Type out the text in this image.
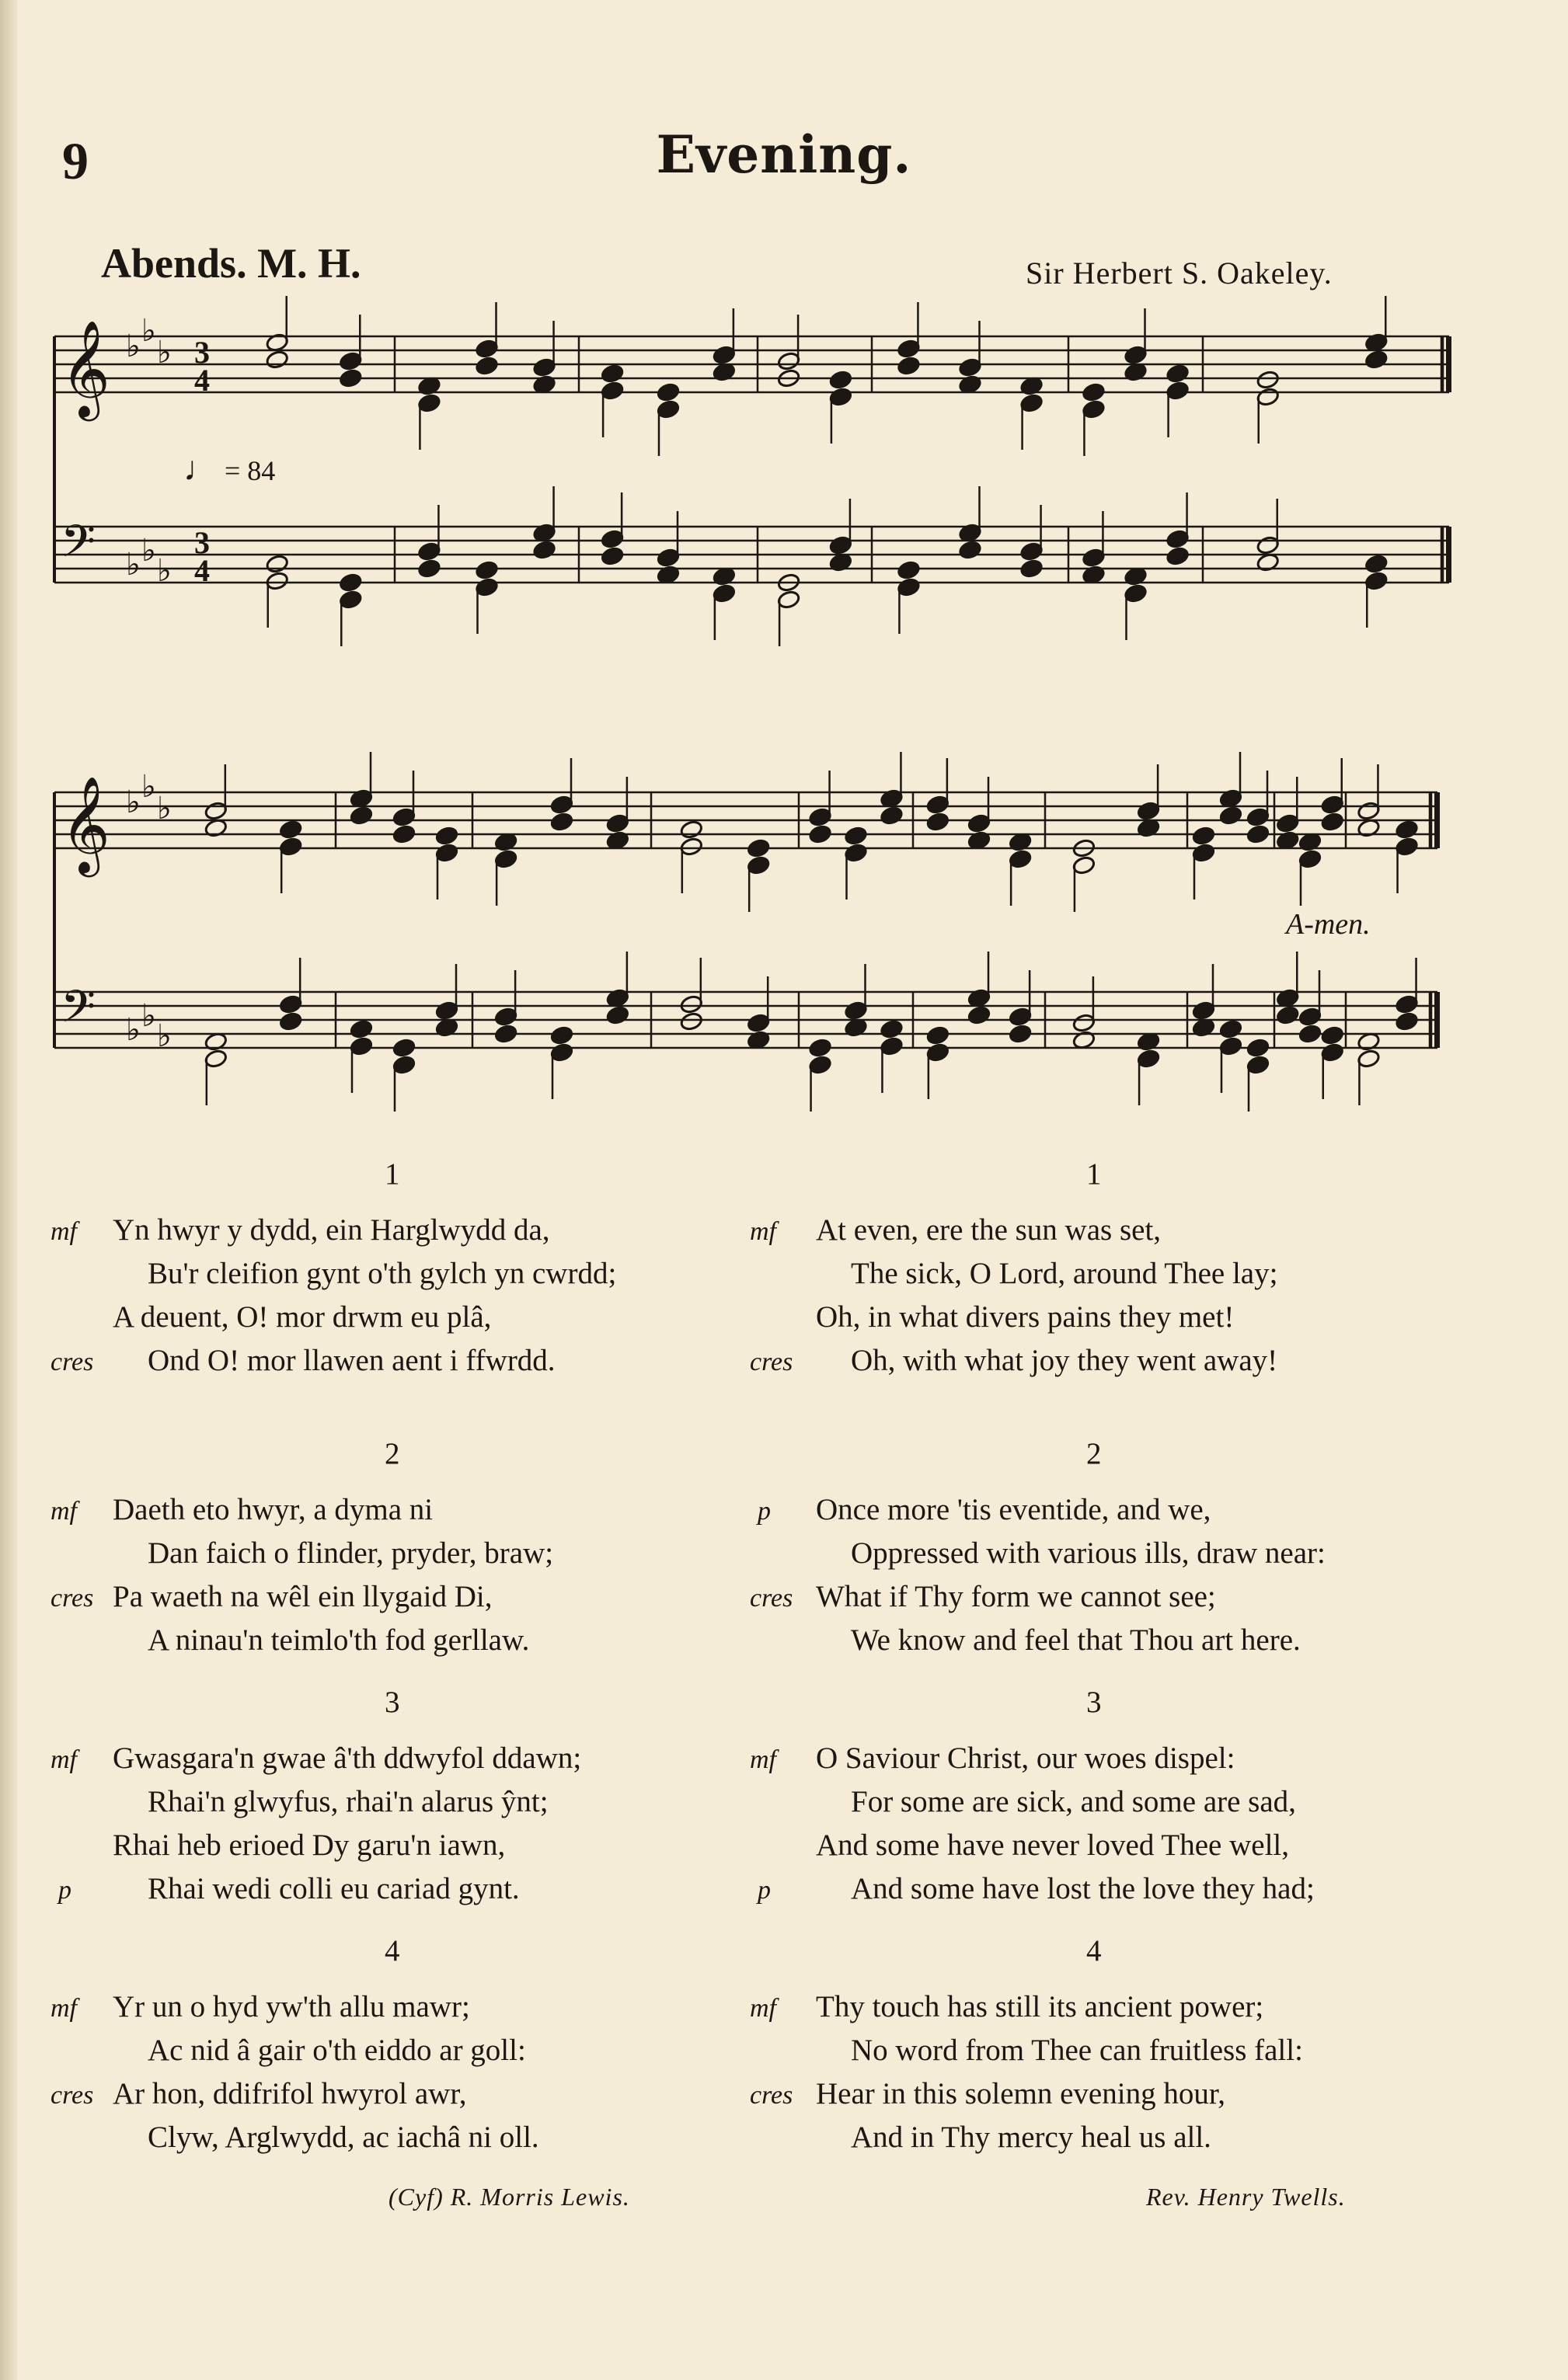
9	Evening.
Abends. M. H.	Sir Herbert S. Oakeley.
𝄞 ♭ ♭
♭ 3
4
𝄢 ♭ ♭
♭
3
4
𝄞 ♭ ♭
♭
𝄢 ♭ ♭
♭
♩ = 84
A-men.
1
mf Yn hwyr y dydd, ein Harglwydd da,
Bu'r cleifion gynt o'th gylch yn cwrdd;
A deuent, O! mor drwm eu plâ,
cres Ond O! mor llawen aent i ffwrdd.
2
mf Daeth eto hwyr, a dyma ni
Dan faich o flinder, pryder, braw;
cres Pa waeth na wêl ein llygaid Di,
A ninau'n teimlo'th fod gerllaw.
3
mf Gwasgara'n gwae â'th ddwyfol ddawn;
Rhai'n glwyfus, rhai'n alarus ŷnt;
Rhai heb erioed Dy garu'n iawn,
p	Rhai wedi colli eu cariad gynt.
4
mf Yr un o hyd yw'th allu mawr;
Ac nid â gair o'th eiddo ar goll:
cres Ar hon, ddifrifol hwyrol awr,
Clyw, Arglwydd, ac iachâ ni oll.
1
mf At even, ere the sun was set,
The sick, O Lord, around Thee lay;
Oh, in what divers pains they met!
cres Oh, with what joy they went away!
2
p Once more 'tis eventide, and we,
Oppressed with various ills, draw near:
cres What if Thy form we cannot see;
We know and feel that Thou art here.
3
mf O Saviour Christ, our woes dispel:
For some are sick, and some are sad,
And some have never loved Thee well,
p	And some have lost the love they had;
4
mf Thy touch has still its ancient power;
No word from Thee can fruitless fall:
cres Hear in this solemn evening hour,
And in Thy mercy heal us all.
(Cyf) R. Morris Lewis.	Rev. Henry Twells.
